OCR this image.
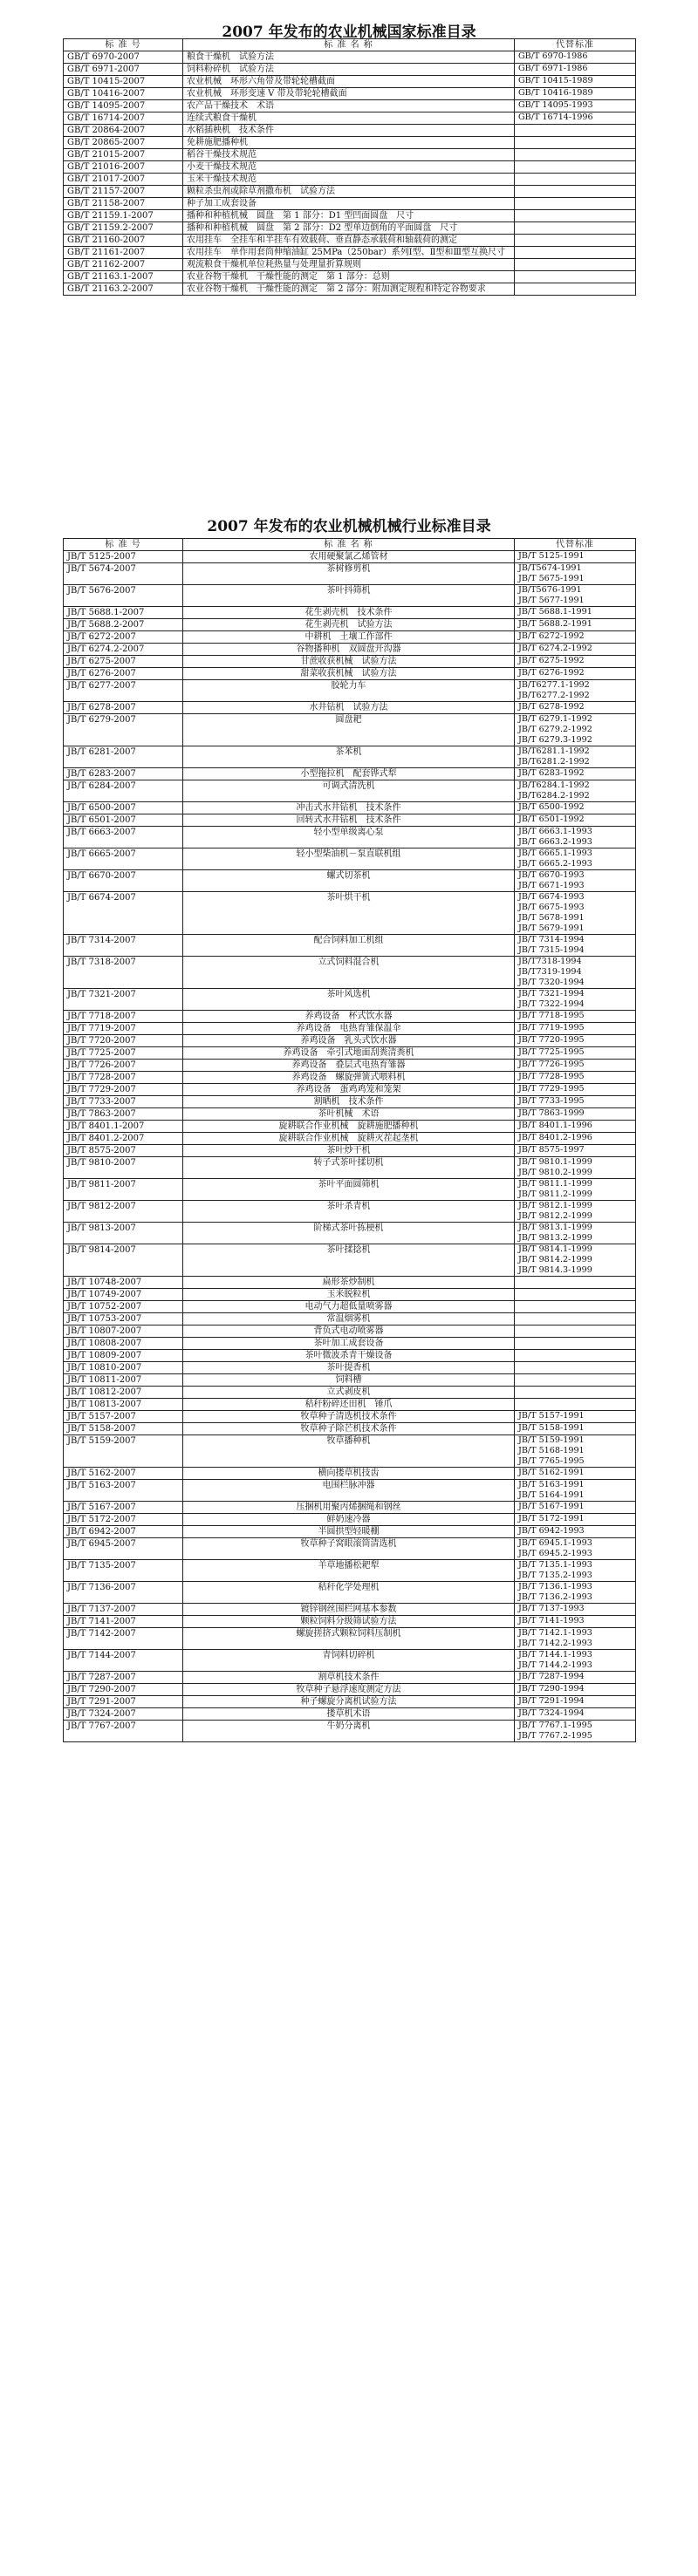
2007 年发布的农业机械国家标准目录
标 准 号	标 准 名 称	代替标准
GB/T 6970-2007	粮食干燥机　试验方法	GB/T 6970-1986

GB/T 6971-2007	饲料粉碎机　试验方法	GB/T 6971-1986

GB/T 10415-2007	农业机械　环形六角带及带轮轮槽截面	GB/T 10415-1989

GB/T 10416-2007	农业机械　环形变速 V 带及带轮轮槽截面	GB/T 10416-1989

GB/T 14095-2007	农产品干燥技术　术语	GB/T 14095-1993

GB/T 16714-2007	连续式粮食干燥机	GB/T 16714-1996

GB/T 20864-2007	水稻插秧机　技术条件	
GB/T 20865-2007	免耕施肥播种机	
GB/T 21015-2007	稻谷干燥技术规范	
GB/T 21016-2007	小麦干燥技术规范	
GB/T 21017-2007	玉米干燥技术规范	
GB/T 21157-2007	颗粒杀虫剂或除草剂撒布机　试验方法	
GB/T 21158-2007	种子加工成套设备	
GB/T 21159.1-2007	播种和种植机械　圆盘　第 1 部分：D1 型凹面圆盘　尺寸	
GB/T 21159.2-2007	播种和种植机械　圆盘　第 2 部分：D2 型单边倒角的平面圆盘　尺寸	
GB/T 21160-2007	农用挂车　全挂车和半挂车有效载荷、垂直静态承载荷和轴载荷的测定	
GB/T 21161-2007	农用挂车　单作用套筒伸缩油缸 25MPa（250bar）系列Ⅰ型、Ⅱ型和Ⅲ型互换尺寸	
GB/T 21162-2007	观流粮食干燥机单位耗热量与处理量折算规则	
GB/T 21163.1-2007	农业谷物干燥机　干燥性能的测定　第 1 部分：总则	
GB/T 21163.2-2007	农业谷物干燥机　干燥性能的测定　第 2 部分：附加测定规程和特定谷物要求	
2007 年发布的农业机械机械行业标准目录
标 准 号	标 准 名 称	代替标准
JB/T 5125-2007	农用硬聚氯乙烯管材	JB/T 5125-1991

JB/T 5674-2007	茶树修剪机	JB/T5674-1991
JB/T 5675-1991

JB/T 5676-2007	茶叶抖筛机	JB/T5676-1991
JB/T 5677-1991

JB/T 5688.1-2007	花生剥壳机　技术条件	JB/T 5688.1-1991

JB/T 5688.2-2007	花生剥壳机　试验方法	JB/T 5688.2-1991

JB/T 6272-2007	中耕机　土壤工作部件	JB/T 6272-1992

JB/T 6274.2-2007	谷物播种机　双圆盘开沟器	JB/T 6274.2-1992

JB/T 6275-2007	甘蔗收获机械　试验方法	JB/T 6275-1992

JB/T 6276-2007	甜菜收获机械　试验方法	JB/T 6276-1992

JB/T 6277-2007	胶轮力车	JB/T6277.1-1992
JB/T6277.2-1992

JB/T 6278-2007	水井钻机　试验方法	JB/T 6278-1992

JB/T 6279-2007	圆盘耙	JB/T 6279.1-1992
JB/T 6279.2-1992
JB/T 6279.3-1992

JB/T 6281-2007	茶苯机	JB/T6281.1-1992
JB/T6281.2-1992

JB/T 6283-2007	小型拖拉机　配套铧式犁	JB/T 6283-1992

JB/T 6284-2007	可调式清洗机	JB/T6284.1-1992
JB/T6284.2-1992

JB/T 6500-2007	冲击式水井钻机　技术条件	JB/T 6500-1992

JB/T 6501-2007	回转式水井钻机　技术条件	JB/T 6501-1992

JB/T 6663-2007	轻小型单级离心泵	JB/T 6663.1-1993
JB/T 6663.2-1993

JB/T 6665-2007	轻小型柴油机－泵直联机组	JB/T 6665.1-1993
JB/T 6665.2-1993

JB/T 6670-2007	螺式切茶机	JB/T 6670-1993
JB/T 6671-1993

JB/T 6674-2007	茶叶烘干机	JB/T 6674-1993
JB/T 6675-1993
JB/T 5678-1991
JB/T 5679-1991

JB/T 7314-2007	配合饲料加工机组	JB/T 7314-1994
JB/T 7315-1994

JB/T 7318-2007	立式饲料混合机	JB/T7318-1994
JB/T7319-1994
JB/T 7320-1994

JB/T 7321-2007	茶叶风选机	JB/T 7321-1994
JB/T 7322-1994

JB/T 7718-2007	养鸡设备　杯式饮水器	JB/T 7718-1995

JB/T 7719-2007	养鸡设备　电热育雏保温伞	JB/T 7719-1995

JB/T 7720-2007	养鸡设备　乳头式饮水器	JB/T 7720-1995

JB/T 7725-2007	养鸡设备　牵引式地面刮粪清粪机	JB/T 7725-1995

JB/T 7726-2007	养鸡设备　叠层式电热育雏器	JB/T 7726-1995

JB/T 7728-2007	养鸡设备　螺旋弹簧式喂料机	JB/T 7728-1995

JB/T 7729-2007	养鸡设备　蛋鸡鸡笼和笼架	JB/T 7729-1995

JB/T 7733-2007	割晒机　技术条件	JB/T 7733-1995

JB/T 7863-2007	茶叶机械　术语	JB/T 7863-1999

JB/T 8401.1-2007	旋耕联合作业机械　旋耕施肥播种机	JB/T 8401.1-1996

JB/T 8401.2-2007	旋耕联合作业机械　旋耕灭茬起垄机	JB/T 8401.2-1996

JB/T 8575-2007	茶叶炒干机	JB/T 8575-1997

JB/T 9810-2007	转子式茶叶揉切机	JB/T 9810.1-1999
JB/T 9810.2-1999

JB/T 9811-2007	茶叶平面圆筛机	JB/T 9811.1-1999
JB/T 9811.2-1999

JB/T 9812-2007	茶叶杀青机	JB/T 9812.1-1999
JB/T 9812.2-1999

JB/T 9813-2007	阶梯式茶叶拣梗机	JB/T 9813.1-1999
JB/T 9813.2-1999

JB/T 9814-2007	茶叶揉捻机	JB/T 9814.1-1999
JB/T 9814.2-1999
JB/T 9814.3-1999

JB/T 10748-2007	扁形茶炒制机	
JB/T 10749-2007	玉米脱粒机	
JB/T 10752-2007	电动气力超低量喷雾器	
JB/T 10753-2007	常温烟雾机	
JB/T 10807-2007	背负式电动喷雾器	
JB/T 10808-2007	茶叶加工成套设备	
JB/T 10809-2007	茶叶微波杀青干燥设备	
JB/T 10810-2007	茶叶提香机	
JB/T 10811-2007	饲料槽	
JB/T 10812-2007	立式剥皮机	
JB/T 10813-2007	秸秆粉碎还田机　锤爪	
JB/T 5157-2007	牧草种子清选机技术条件	JB/T 5157-1991

JB/T 5158-2007	牧草种子除芒机技术条件	JB/T 5158-1991

JB/T 5159-2007	牧草播种机	JB/T 5159-1991
JB/T 5168-1991
JB/T 7765-1995

JB/T 5162-2007	横向搂草机技齿	JB/T 5162-1991

JB/T 5163-2007	电围栏脉冲器	JB/T 5163-1991
JB/T 5164-1991

JB/T 5167-2007	压捆机用聚丙烯捆绳和钢丝	JB/T 5167-1991

JB/T 5172-2007	鲜奶速冷器	JB/T 5172-1991

JB/T 6942-2007	半圆拱型轻暖棚	JB/T 6942-1993

JB/T 6945-2007	牧草种子窝眼滚筒清选机	JB/T 6945.1-1993
JB/T 6945.2-1993

JB/T 7135-2007	羊草地播松耙犁	JB/T 7135.1-1993
JB/T 7135.2-1993

JB/T 7136-2007	秸秆化学处理机	JB/T 7136.1-1993
JB/T 7136.2-1993

JB/T 7137-2007	镀锌钢丝围栏网基本参数	JB/T 7137-1993

JB/T 7141-2007	颗粒饲料分级筛试验方法	JB/T 7141-1993

JB/T 7142-2007	螺旋搓挤式颗粒饲料压制机	JB/T 7142.1-1993
JB/T 7142.2-1993

JB/T 7144-2007	青饲料切碎机	JB/T 7144.1-1993
JB/T 7144.2-1993

JB/T 7287-2007	割草机技术条件	JB/T 7287-1994

JB/T 7290-2007	牧草种子悬浮速度测定方法	JB/T 7290-1994

JB/T 7291-2007	种子螺旋分离机试验方法	JB/T 7291-1994

JB/T 7324-2007	搂草机术语	JB/T 7324-1994

JB/T 7767-2007	牛奶分离机	JB/T 7767.1-1995
JB/T 7767.2-1995
